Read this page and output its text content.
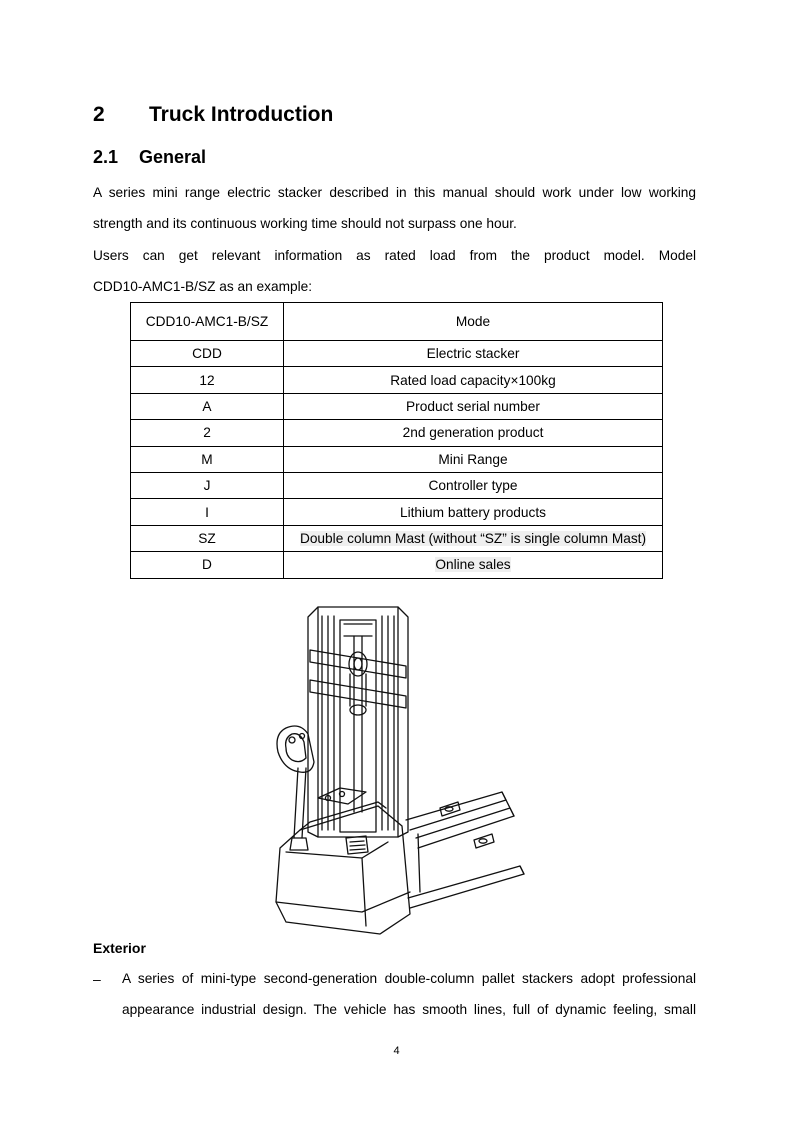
2 Truck Introduction
2.1 General
A series mini range electric stacker described in this manual should work under low working
strength and its continuous working time should not surpass one hour.
Users can get relevant information as rated load from the product model. Model
CDD10-AMC1-B/SZ as an example:
CDD10-AMC1-B/SZ	Mode
CDD	Electric stacker
12	Rated load capacity×100kg
A	Product serial number
2	2nd generation product
M	Mini Range
J	Controller type
I	Lithium battery products
SZ	Double column Mast (without “SZ” is single column Mast)
D	Online sales
Exterior
– A series of mini-type second-generation double-column pallet stackers adopt professional
appearance industrial design. The vehicle has smooth lines, full of dynamic feeling, small
4
